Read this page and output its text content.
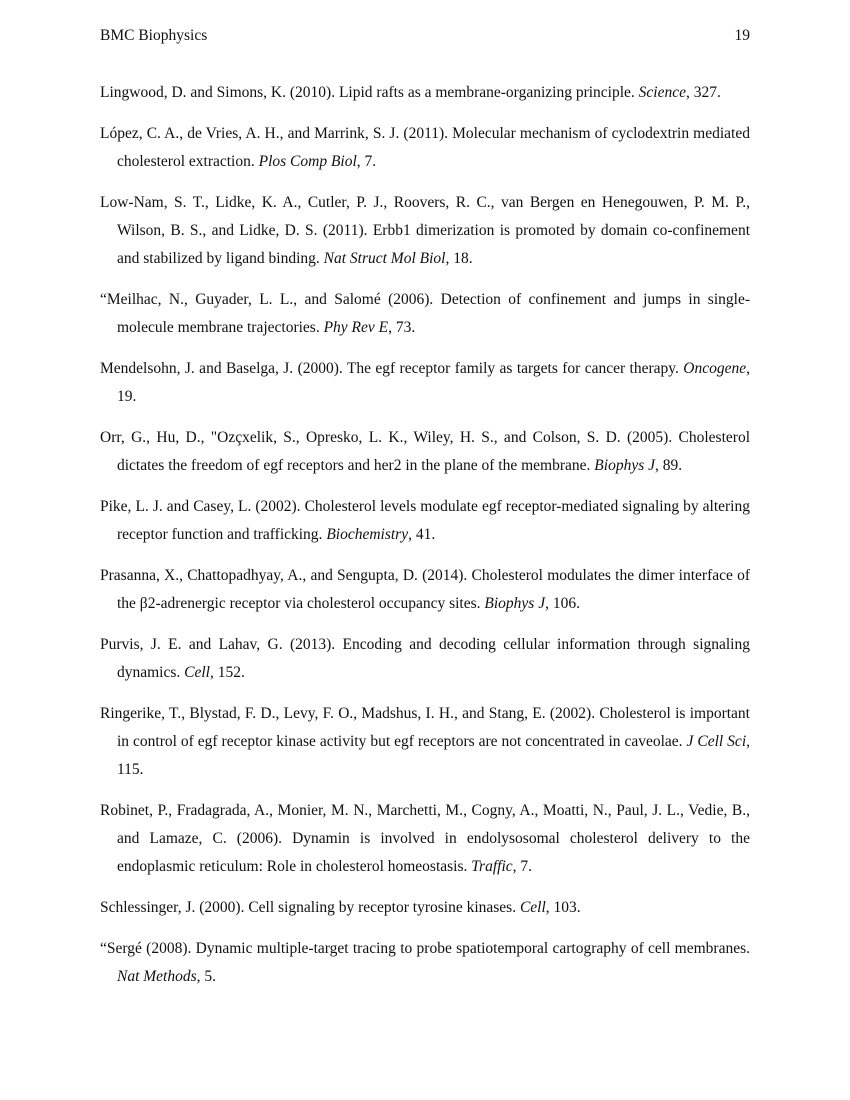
BMC Biophysics	19
Lingwood, D. and Simons, K. (2010). Lipid rafts as a membrane-organizing principle. Science, 327.
López, C. A., de Vries, A. H., and Marrink, S. J. (2011). Molecular mechanism of cyclodextrin mediated cholesterol extraction. Plos Comp Biol, 7.
Low-Nam, S. T., Lidke, K. A., Cutler, P. J., Roovers, R. C., van Bergen en Henegouwen, P. M. P., Wilson, B. S., and Lidke, D. S. (2011). Erbb1 dimerization is promoted by domain co-confinement and stabilized by ligand binding. Nat Struct Mol Biol, 18.
“Meilhac, N., Guyader, L. L., and Salomé (2006). Detection of confinement and jumps in single-molecule membrane trajectories. Phy Rev E, 73.
Mendelsohn, J. and Baselga, J. (2000). The egf receptor family as targets for cancer therapy. Oncogene, 19.
Orr, G., Hu, D., "Ozçxelik, S., Opresko, L. K., Wiley, H. S., and Colson, S. D. (2005). Cholesterol dictates the freedom of egf receptors and her2 in the plane of the membrane. Biophys J, 89.
Pike, L. J. and Casey, L. (2002). Cholesterol levels modulate egf receptor-mediated signaling by altering receptor function and trafficking. Biochemistry, 41.
Prasanna, X., Chattopadhyay, A., and Sengupta, D. (2014). Cholesterol modulates the dimer interface of the β2-adrenergic receptor via cholesterol occupancy sites. Biophys J, 106.
Purvis, J. E. and Lahav, G. (2013). Encoding and decoding cellular information through signaling dynamics. Cell, 152.
Ringerike, T., Blystad, F. D., Levy, F. O., Madshus, I. H., and Stang, E. (2002). Cholesterol is important in control of egf receptor kinase activity but egf receptors are not concentrated in caveolae. J Cell Sci, 115.
Robinet, P., Fradagrada, A., Monier, M. N., Marchetti, M., Cogny, A., Moatti, N., Paul, J. L., Vedie, B., and Lamaze, C. (2006). Dynamin is involved in endolysosomal cholesterol delivery to the endoplasmic reticulum: Role in cholesterol homeostasis. Traffic, 7.
Schlessinger, J. (2000). Cell signaling by receptor tyrosine kinases. Cell, 103.
“Sergé (2008). Dynamic multiple-target tracing to probe spatiotemporal cartography of cell membranes. Nat Methods, 5.
